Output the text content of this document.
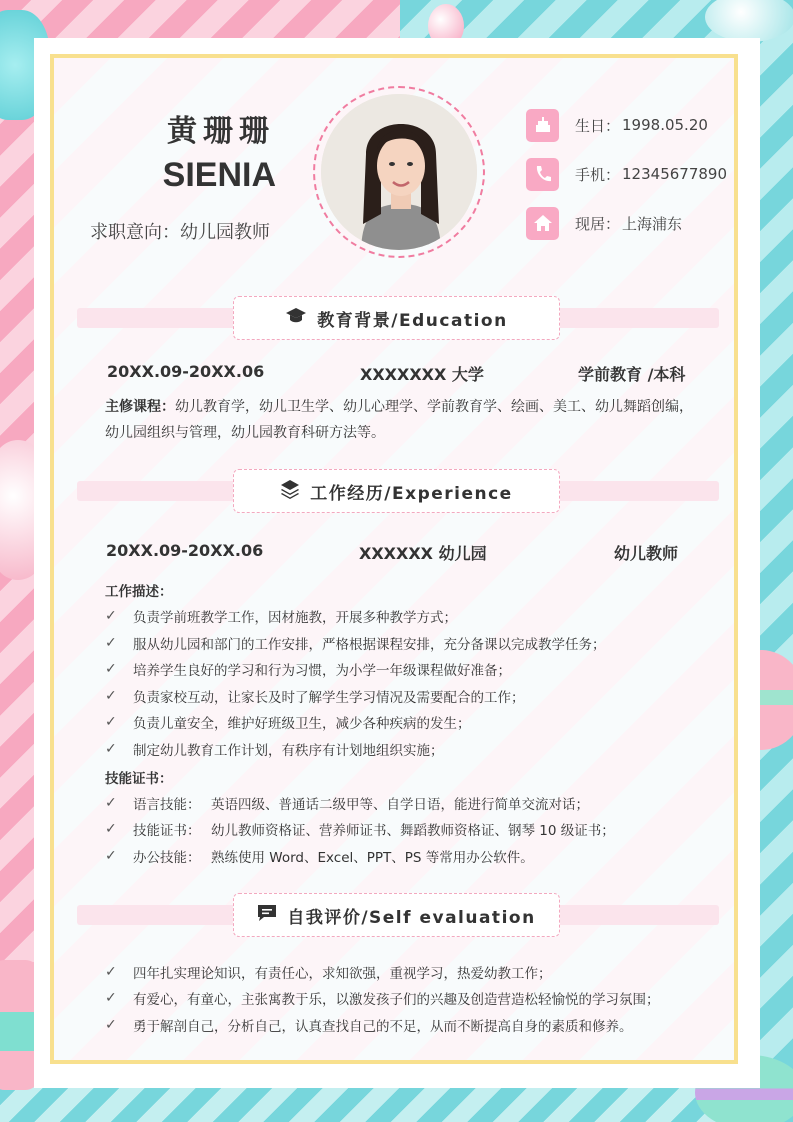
黄珊珊
SIENIA
求职意向：幼儿园教师
生日： 1998.05.20
手机： 12345677890
现居： 上海浦东
教育背景/Education
20XX.09-20XX.06	XXXXXXX 大学	学前教育 /本科
主修课程：幼儿教育学，幼儿卫生学、幼儿心理学、学前教育学、绘画、美工、幼儿舞蹈创编，幼儿园组织与管理，幼儿园教育科研方法等。
工作经历/Experience
20XX.09-20XX.06	XXXXXX 幼儿园	幼儿教师
工作描述：
✓	负责学前班教学工作，因材施教，开展多种教学方式；
✓	服从幼儿园和部门的工作安排，严格根据课程安排，充分备课以完成教学任务；
✓	培养学生良好的学习和行为习惯，为小学一年级课程做好准备；
✓	负责家校互动，让家长及时了解学生学习情况及需要配合的工作；
✓	负责儿童安全，维护好班级卫生，减少各种疾病的发生；
✓	制定幼儿教育工作计划，有秩序有计划地组织实施；
技能证书：
✓	语言技能： 英语四级、普通话二级甲等、自学日语，能进行简单交流对话；
✓	技能证书： 幼儿教师资格证、营养师证书、舞蹈教师资格证、钢琴 10 级证书；
✓	办公技能： 熟练使用 Word、Excel、PPT、PS 等常用办公软件。
自我评价/Self evaluation
✓	四年扎实理论知识，有责任心，求知欲强，重视学习，热爱幼教工作；
✓	有爱心，有童心，主张寓教于乐，以激发孩子们的兴趣及创造营造松轻愉悦的学习氛围；
✓	勇于解剖自己，分析自己，认真查找自己的不足，从而不断提高自身的素质和修养。
